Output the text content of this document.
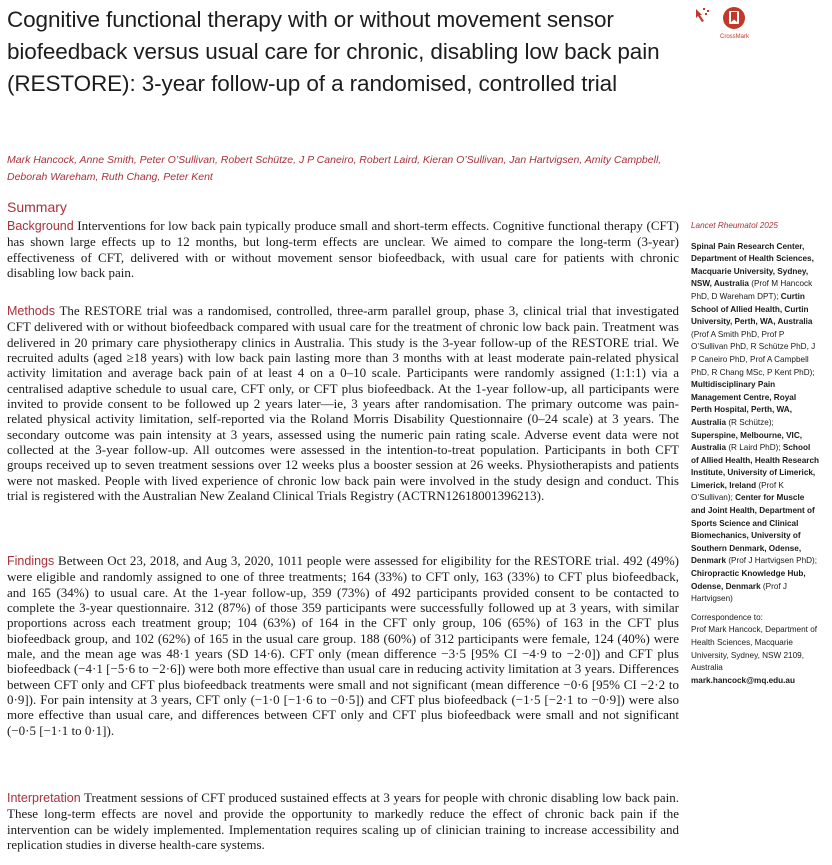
Cognitive functional therapy with or without movement sensor biofeedback versus usual care for chronic, disabling low back pain (RESTORE): 3-year follow-up of a randomised, controlled trial
CrossMark
Mark Hancock, Anne Smith, Peter O’Sullivan, Robert Schütze, J P Caneiro, Robert Laird, Kieran O’Sullivan, Jan Hartvigsen, Amity Campbell, Deborah Wareham, Ruth Chang, Peter Kent
Summary

Background Interventions for low back pain typically produce small and short-term effects. Cognitive functional therapy (CFT) has shown large effects up to 12 months, but long-term effects are unclear. We aimed to compare the long-term (3-year) effectiveness of CFT, delivered with or without movement sensor biofeedback, with usual care for patients with chronic disabling low back pain.

Methods The RESTORE trial was a randomised, controlled, three-arm parallel group, phase 3, clinical trial that investigated CFT delivered with or without biofeedback compared with usual care for the treatment of chronic low back pain. Treatment was delivered in 20 primary care physiotherapy clinics in Australia. This study is the 3-year follow-up of the RESTORE trial. We recruited adults (aged ≥18 years) with low back pain lasting more than 3 months with at least moderate pain-related physical activity limitation and average back pain of at least 4 on a 0–10 scale. Participants were randomly assigned (1:1:1) via a centralised adaptive schedule to usual care, CFT only, or CFT plus biofeedback. At the 1-year follow-up, all participants were invited to provide consent to be followed up 2 years later—ie, 3 years after randomisation. The primary outcome was pain-related physical activity limitation, self-reported via the Roland Morris Disability Questionnaire (0–24 scale) at 3 years. The secondary outcome was pain intensity at 3 years, assessed using the numeric pain rating scale. Adverse event data were not collected at the 3-year follow-up. All outcomes were assessed in the intention-to-treat population. Participants in both CFT groups received up to seven treatment sessions over 12 weeks plus a booster session at 26 weeks. Physiotherapists and patients were not masked. People with lived experience of chronic low back pain were involved in the study design and conduct. This trial is registered with the Australian New Zealand Clinical Trials Registry (ACTRN12618001396213).

Findings Between Oct 23, 2018, and Aug 3, 2020, 1011 people were assessed for eligibility for the RESTORE trial. 492 (49%) were eligible and randomly assigned to one of three treatments; 164 (33%) to CFT only, 163 (33%) to CFT plus biofeedback, and 165 (34%) to usual care. At the 1-year follow-up, 359 (73%) of 492 participants provided consent to be contacted to complete the 3-year questionnaire. 312 (87%) of those 359 participants were successfully followed up at 3 years, with similar proportions across each treatment group; 104 (63%) of 164 in the CFT only group, 106 (65%) of 163 in the CFT plus biofeedback group, and 102 (62%) of 165 in the usual care group. 188 (60%) of 312 participants were female, 124 (40%) were male, and the mean age was 48·1 years (SD 14·6). CFT only (mean difference −3·5 [95% CI −4·9 to −2·0]) and CFT plus biofeedback (−4·1 [−5·6 to −2·6]) were both more effective than usual care in reducing activity limitation at 3 years. Differences between CFT only and CFT plus biofeedback treatments were small and not significant (mean difference −0·6 [95% CI −2·2 to 0·9]). For pain intensity at 3 years, CFT only (−1·0 [−1·6 to −0·5]) and CFT plus biofeedback (−1·5 [−2·1 to −0·9]) were also more effective than usual care, and differences between CFT only and CFT plus biofeedback were small and not significant (−0·5 [−1·1 to 0·1]).

Interpretation Treatment sessions of CFT produced sustained effects at 3 years for people with chronic disabling low back pain. These long-term effects are novel and provide the opportunity to markedly reduce the effect of chronic back pain if the intervention can be widely implemented. Implementation requires scaling up of clinician training to increase accessibility and replication studies in diverse health-care systems.

Lancet Rheumatol 2025
Spinal Pain Research Center, Department of Health Sciences, Macquarie University, Sydney, NSW, Australia (Prof M Hancock PhD, D Wareham DPT); Curtin School of Allied Health, Curtin University, Perth, WA, Australia (Prof A Smith PhD, Prof P O’Sullivan PhD, R Schütze PhD, J P Caneiro PhD, Prof A Campbell PhD, R Chang MSc, P Kent PhD); Multidisciplinary Pain Management Centre, Royal Perth Hospital, Perth, WA, Australia (R Schütze); Superspine, Melbourne, VIC, Australia (R Laird PhD); School of Allied Health, Health Research Institute, University of Limerick, Limerick, Ireland (Prof K O’Sullivan); Center for Muscle and Joint Health, Department of Sports Science and Clinical Biomechanics, University of Southern Denmark, Odense, Denmark (Prof J Hartvigsen PhD); Chiropractic Knowledge Hub, Odense, Denmark (Prof J Hartvigsen)
Correspondence to:
Prof Mark Hancock, Department of Health Sciences, Macquarie University, Sydney, NSW 2109, Australia
mark.hancock@mq.edu.au
